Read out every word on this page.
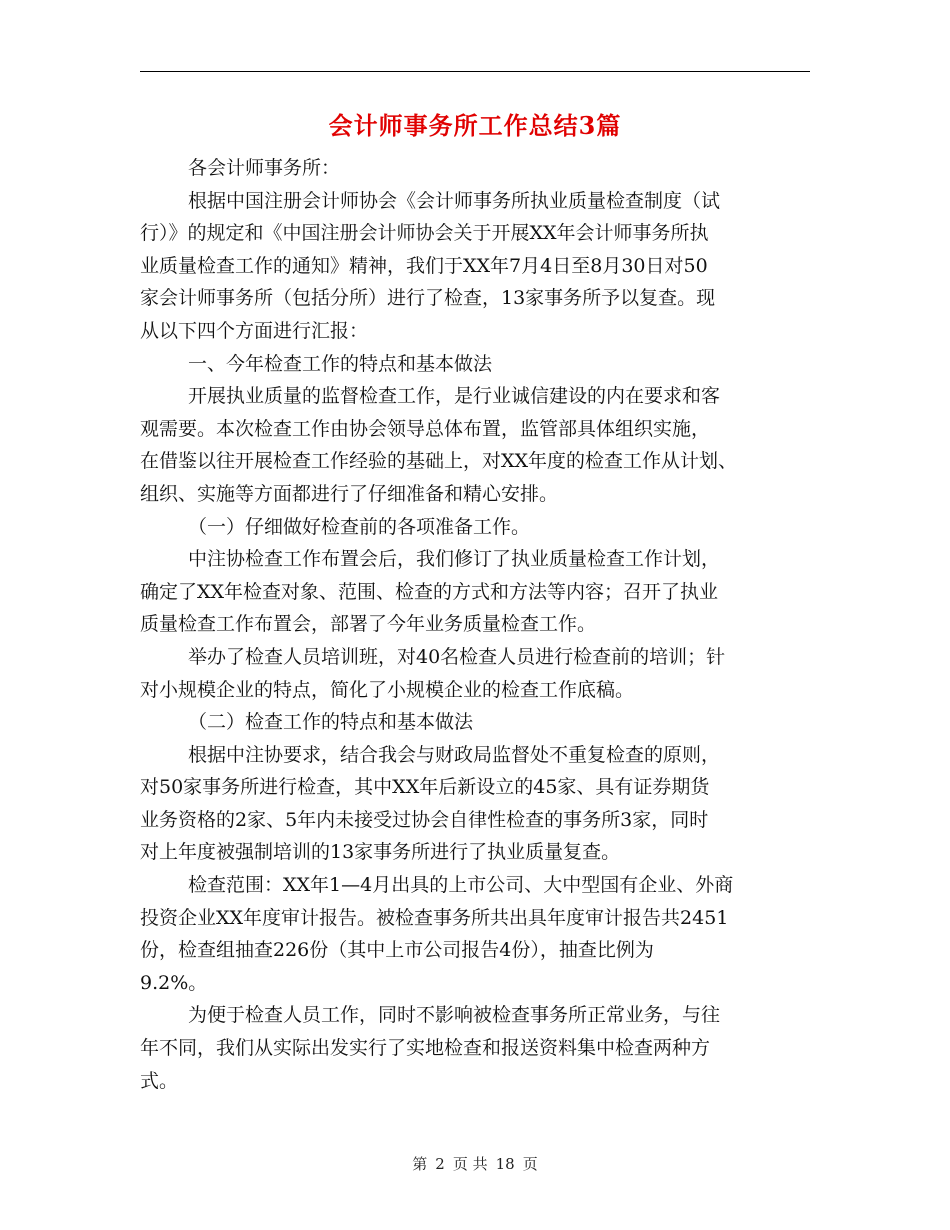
会计师事务所工作总结3篇
各会计师事务所：
根据中国注册会计师协会《会计师事务所执业质量检查制度（试
行）》的规定和《中国注册会计师协会关于开展XX年会计师事务所执
业质量检查工作的通知》精神，我们于XX年7月4日至8月30日对50
家会计师事务所（包括分所）进行了检查，13家事务所予以复查。现
从以下四个方面进行汇报：
一、今年检查工作的特点和基本做法
开展执业质量的监督检查工作，是行业诚信建设的内在要求和客
观需要。本次检查工作由协会领导总体布置，监管部具体组织实施，
在借鉴以往开展检查工作经验的基础上，对XX年度的检查工作从计划、
组织、实施等方面都进行了仔细准备和精心安排。
（一）仔细做好检查前的各项准备工作。
中注协检查工作布置会后，我们修订了执业质量检查工作计划，
确定了XX年检查对象、范围、检查的方式和方法等内容；召开了执业
质量检查工作布置会，部署了今年业务质量检查工作。
举办了检查人员培训班，对40名检查人员进行检查前的培训；针
对小规模企业的特点，简化了小规模企业的检查工作底稿。
（二）检查工作的特点和基本做法
根据中注协要求，结合我会与财政局监督处不重复检查的原则，
对50家事务所进行检查，其中XX年后新设立的45家、具有证券期货
业务资格的2家、5年内未接受过协会自律性检查的事务所3家，同时
对上年度被强制培训的13家事务所进行了执业质量复查。
检查范围：XX年1—4月出具的上市公司、大中型国有企业、外商
投资企业XX年度审计报告。被检查事务所共出具年度审计报告共2451
份，检查组抽查226份（其中上市公司报告4份），抽查比例为
9.2%。
为便于检查人员工作，同时不影响被检查事务所正常业务，与往
年不同，我们从实际出发实行了实地检查和报送资料集中检查两种方
式。
第 2 页 共 18 页
